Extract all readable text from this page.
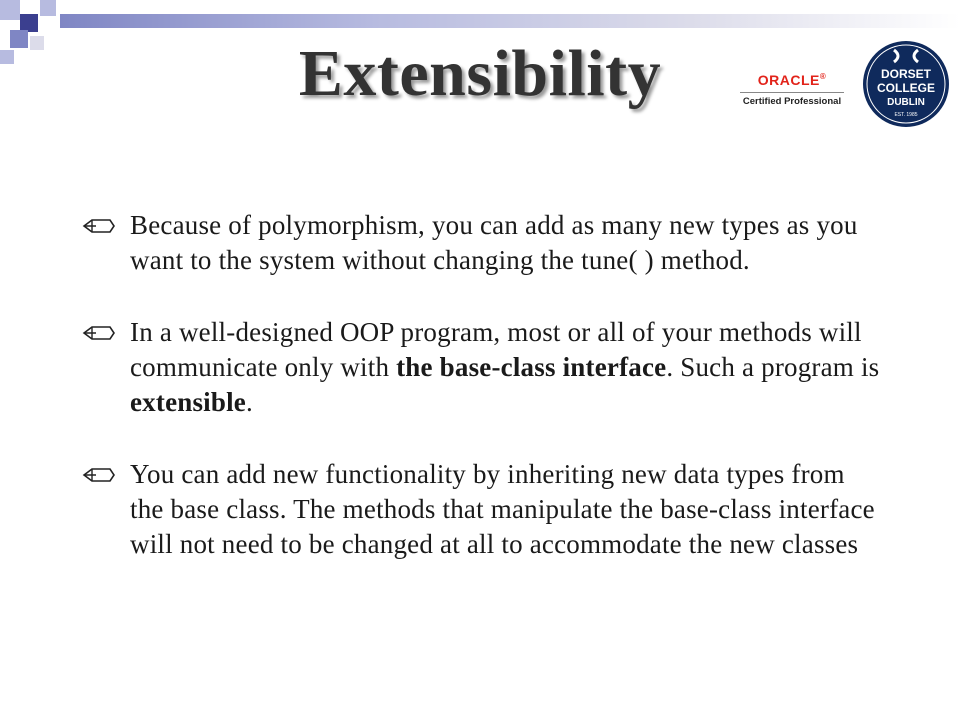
Extensibility	ORACLE®
Certified Professional
DORSET
COLLEGE
DUBLIN
EST. 1985
Because of polymorphism, you can add as many new types as you want to the system without changing the tune( ) method.
In a well-designed OOP program, most or all of your methods will communicate only with the base-class interface. Such a program is extensible.
You can add new functionality by inheriting new data types from the base class. The methods that manipulate the base-class interface will not need to be changed at all to accommodate the new classes
